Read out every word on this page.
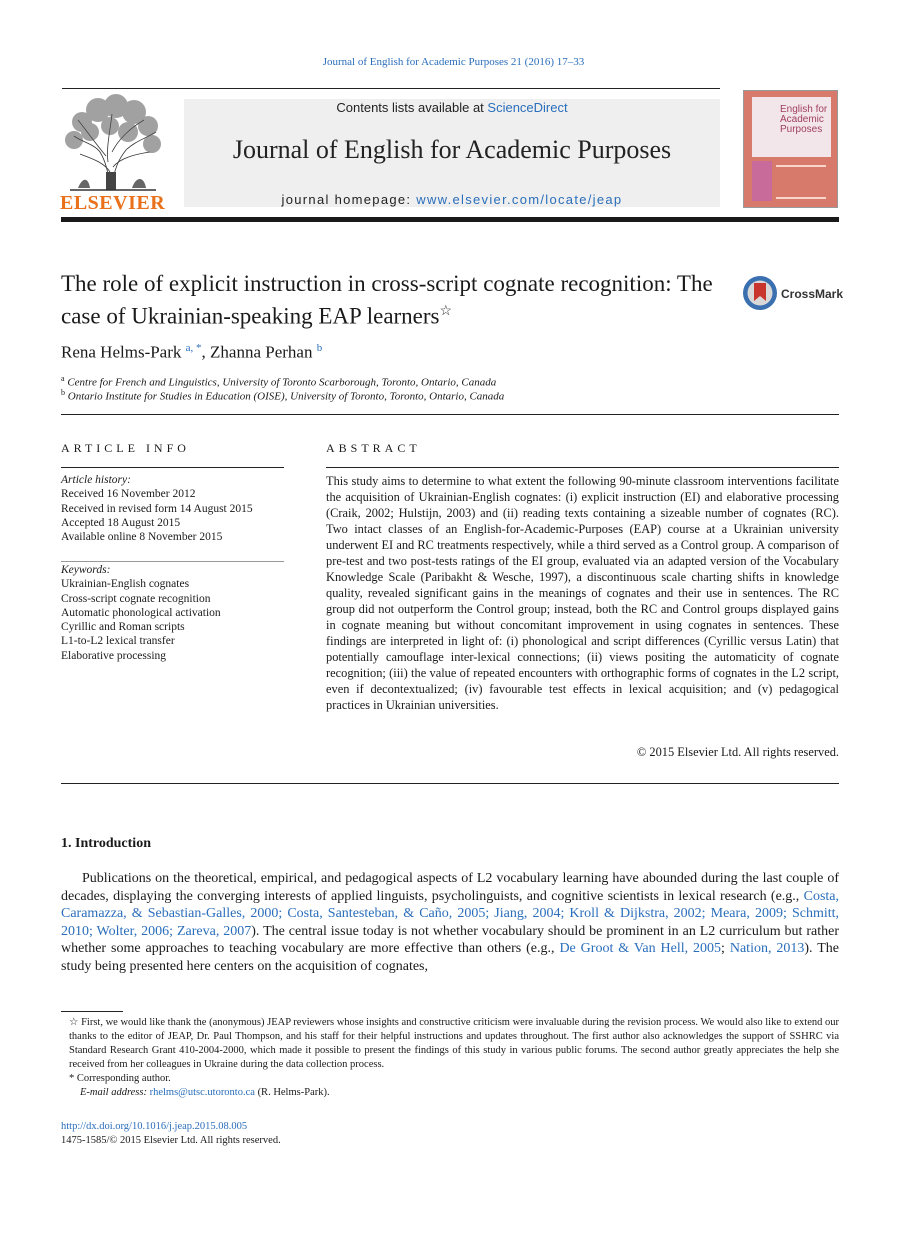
Journal of English for Academic Purposes 21 (2016) 17–33
ELSEVIER
Contents lists available at ScienceDirect
Journal of English for Academic Purposes
journal homepage: www.elsevier.com/locate/jeap
English for Academic Purposes
The role of explicit instruction in cross-script cognate recognition: The case of Ukrainian-speaking EAP learners☆
CrossMark
Rena Helms-Park $^{a, *}$, Zhanna Perhan $^b$
$^a$ Centre for French and Linguistics, University of Toronto Scarborough, Toronto, Ontario, Canada
$^b$ Ontario Institute for Studies in Education (OISE), University of Toronto, Toronto, Ontario, Canada
ARTICLE INFO
Article history:
Received 16 November 2012
Received in revised form 14 August 2015
Accepted 18 August 2015
Available online 8 November 2015
Keywords:
Ukrainian-English cognates
Cross-script cognate recognition
Automatic phonological activation
Cyrillic and Roman scripts
L1-to-L2 lexical transfer
Elaborative processing
ABSTRACT
This study aims to determine to what extent the following 90-minute classroom interventions facilitate the acquisition of Ukrainian-English cognates: (i) explicit instruction (EI) and elaborative processing (Craik, 2002; Hulstijn, 2003) and (ii) reading texts containing a sizeable number of cognates (RC). Two intact classes of an English-for-Academic-Purposes (EAP) course at a Ukrainian university underwent EI and RC treatments respectively, while a third served as a Control group. A comparison of pre-test and two post-tests ratings of the EI group, evaluated via an adapted version of the Vocabulary Knowledge Scale (Paribakht & Wesche, 1997), a discontinuous scale charting shifts in knowledge quality, revealed significant gains in the meanings of cognates and their use in sentences. The RC group did not outperform the Control group; instead, both the RC and Control groups displayed gains in cognate meaning but without concomitant improvement in using cognates in sentences. These findings are interpreted in light of: (i) phonological and script differences (Cyrillic versus Latin) that potentially camouflage inter-lexical connections; (ii) views positing the automaticity of cognate recognition; (iii) the value of repeated encounters with orthographic forms of cognates in the L2 script, even if decontextualized; (iv) favourable test effects in lexical acquisition; and (v) pedagogical practices in Ukrainian universities.
© 2015 Elsevier Ltd. All rights reserved.
1. Introduction
Publications on the theoretical, empirical, and pedagogical aspects of L2 vocabulary learning have abounded during the last couple of decades, displaying the converging interests of applied linguists, psycholinguists, and cognitive scientists in lexical research (e.g., Costa, Caramazza, & Sebastian-Galles, 2000; Costa, Santesteban, & Caño, 2005; Jiang, 2004; Kroll & Dijkstra, 2002; Meara, 2009; Schmitt, 2010; Wolter, 2006; Zareva, 2007). The central issue today is not whether vocabulary should be prominent in an L2 curriculum but rather whether some approaches to teaching vocabulary are more effective than others (e.g., De Groot & Van Hell, 2005; Nation, 2013). The study being presented here centers on the acquisition of cognates,

☆ First, we would like thank the (anonymous) JEAP reviewers whose insights and constructive criticism were invaluable during the revision process. We would also like to extend our thanks to the editor of JEAP, Dr. Paul Thompson, and his staff for their helpful instructions and updates throughout. The first author also acknowledges the support of SSHRC via Standard Research Grant 410-2004-2000, which made it possible to present the findings of this study in various public forums. The second author greatly appreciates the help she received from her colleagues in Ukraine during the data collection process.

* Corresponding author.

E-mail address: rhelms@utsc.utoronto.ca (R. Helms-Park).

http://dx.doi.org/10.1016/j.jeap.2015.08.005
1475-1585/© 2015 Elsevier Ltd. All rights reserved.
